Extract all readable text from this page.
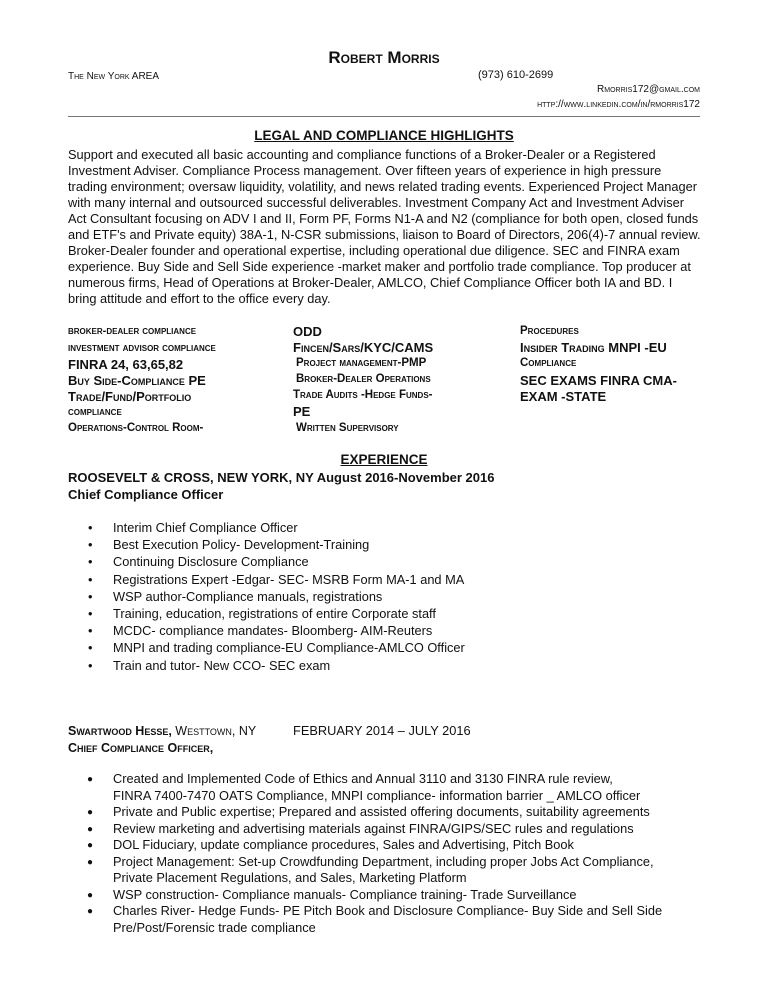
Robert Morris
The New York AREA	(973) 610-2699
Rmorris172@gmail.com
http://www.linkedin.com/in/rmorris172
LEGAL AND COMPLIANCE HIGHLIGHTS
Support and executed all basic accounting and compliance functions of a Broker-Dealer or a Registered Investment Adviser. Compliance Process management. Over fifteen years of experience in high pressure trading environment; oversaw liquidity, volatility, and news related trading events. Experienced Project Manager with many internal and outsourced successful deliverables. Investment Company Act and Investment Adviser Act Consultant focusing on ADV I and II, Form PF, Forms N1-A and N2 (compliance for both open, closed funds and ETF's and Private equity) 38A-1, N-CSR submissions, liaison to Board of Directors, 206(4)-7 annual review. Broker-Dealer founder and operational expertise, including operational due diligence. SEC and FINRA exam experience. Buy Side and Sell Side experience -market maker and portfolio trade compliance. Top producer at numerous firms, Head of Operations at Broker-Dealer, AMLCO, Chief Compliance Officer both IA and BD. I bring attitude and effort to the office every day.
broker-dealer compliance
investment advisor compliance
FINRA 24, 63,65,82
Buy Side-Compliance PE
Trade/Fund/Portfolio
compliance
Operations-Control Room-
ODD
Fincen/Sars/KYC/CAMS
Project management-PMP
Broker-Dealer Operations
Trade Audits -Hedge Funds-
PE
Written Supervisory
Procedures
Insider Trading MNPI -EU
Compliance
SEC EXAMS FINRA CMA-
EXAM -STATE
EXPERIENCE
ROOSEVELT & CROSS, NEW YORK, NY August 2016-November 2016
Chief Compliance Officer
• Interim Chief Compliance Officer
• Best Execution Policy- Development-Training
• Continuing Disclosure Compliance
• Registrations Expert -Edgar- SEC- MSRB Form MA-1 and MA
• WSP author-Compliance manuals, registrations
• Training, education, registrations of entire Corporate staff
• MCDC- compliance mandates- Bloomberg- AIM-Reuters
• MNPI and trading compliance-EU Compliance-AMLCO Officer
• Train and tutor- New CCO- SEC exam
Swartwood Hesse, Westtown, NY	FEBRUARY 2014 – JULY 2016
Chief Compliance Officer,
● Created and Implemented Code of Ethics and Annual 3110 and 3130 FINRA rule review,
FINRA 7400-7470 OATS Compliance, MNPI compliance- information barrier _ AMLCO officer
● Private and Public expertise; Prepared and assisted offering documents, suitability agreements
● Review marketing and advertising materials against FINRA/GIPS/SEC rules and regulations
● DOL Fiduciary, update compliance procedures, Sales and Advertising, Pitch Book
● Project Management: Set-up Crowdfunding Department, including proper Jobs Act Compliance,
Private Placement Regulations, and Sales, Marketing Platform
● WSP construction- Compliance manuals- Compliance training- Trade Surveillance
● Charles River- Hedge Funds- PE Pitch Book and Disclosure Compliance- Buy Side and Sell Side
Pre/Post/Forensic trade compliance
